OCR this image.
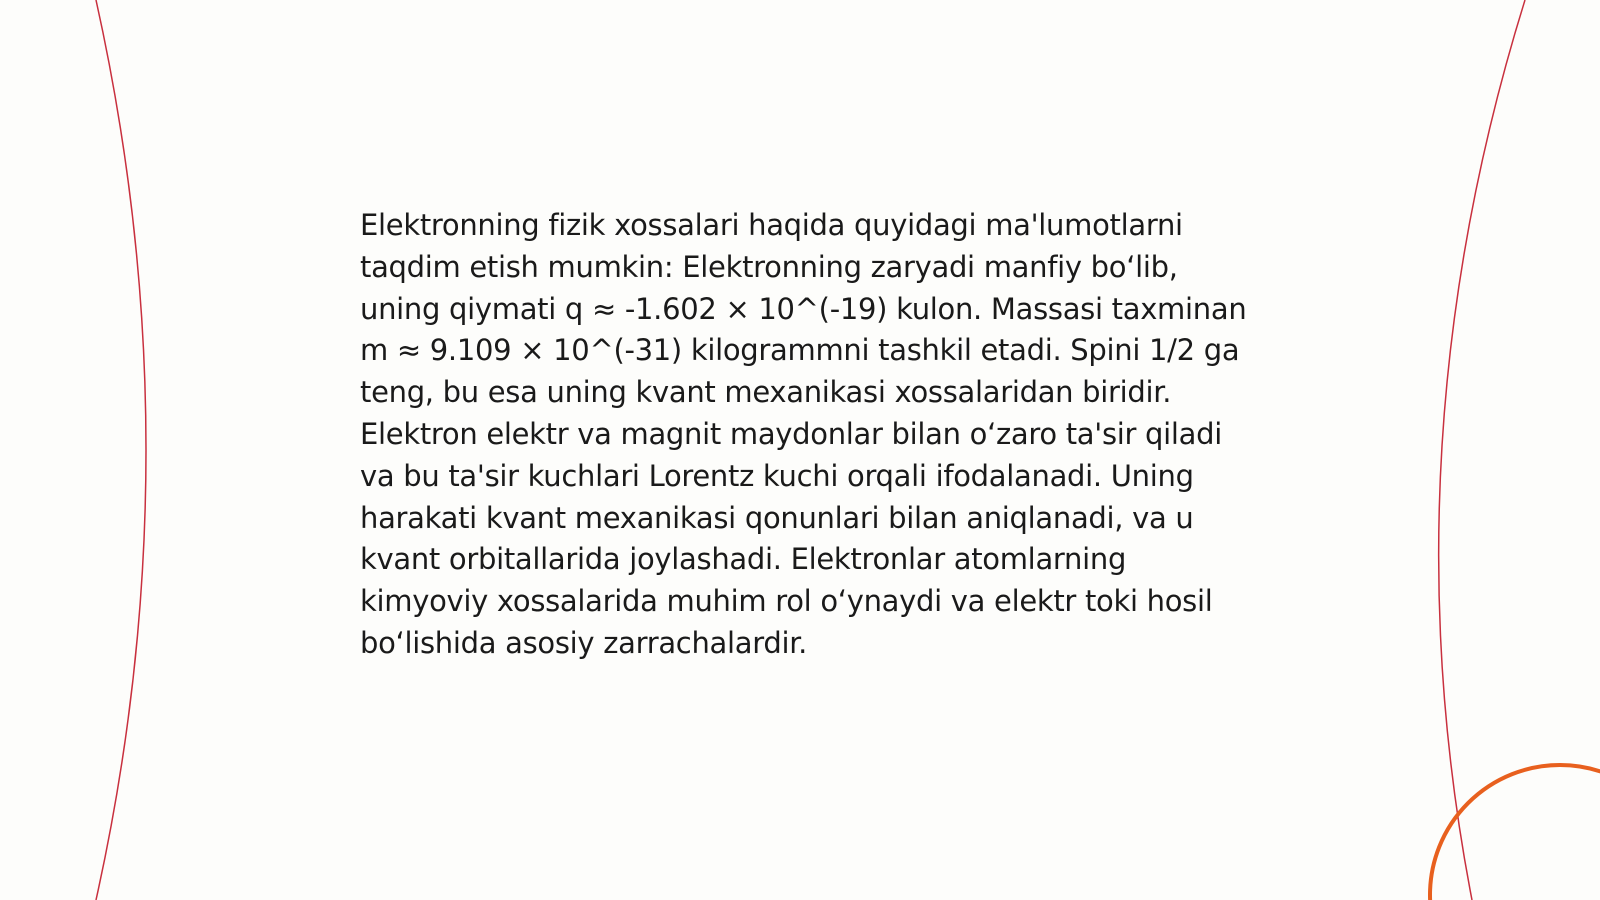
Elektronning fizik xossalari haqida quyidagi ma'lumotlarni taqdim etish mumkin: Elektronning zaryadi manfiy bo‘lib, uning qiymati q ≈ -1.602 × 10^(-19) kulon. Massasi taxminan m ≈ 9.109 × 10^(-31) kilogrammni tashkil etadi. Spini 1/2 ga teng, bu esa uning kvant mexanikasi xossalaridan biridir. Elektron elektr va magnit maydonlar bilan o‘zaro ta'sir qiladi va bu ta'sir kuchlari Lorentz kuchi orqali ifodalanadi. Uning harakati kvant mexanikasi qonunlari bilan aniqlanadi, va u kvant orbitallarida joylashadi. Elektronlar atomlarning kimyoviy xossalarida muhim rol o‘ynaydi va elektr toki hosil bo‘lishida asosiy zarrachalardir.
